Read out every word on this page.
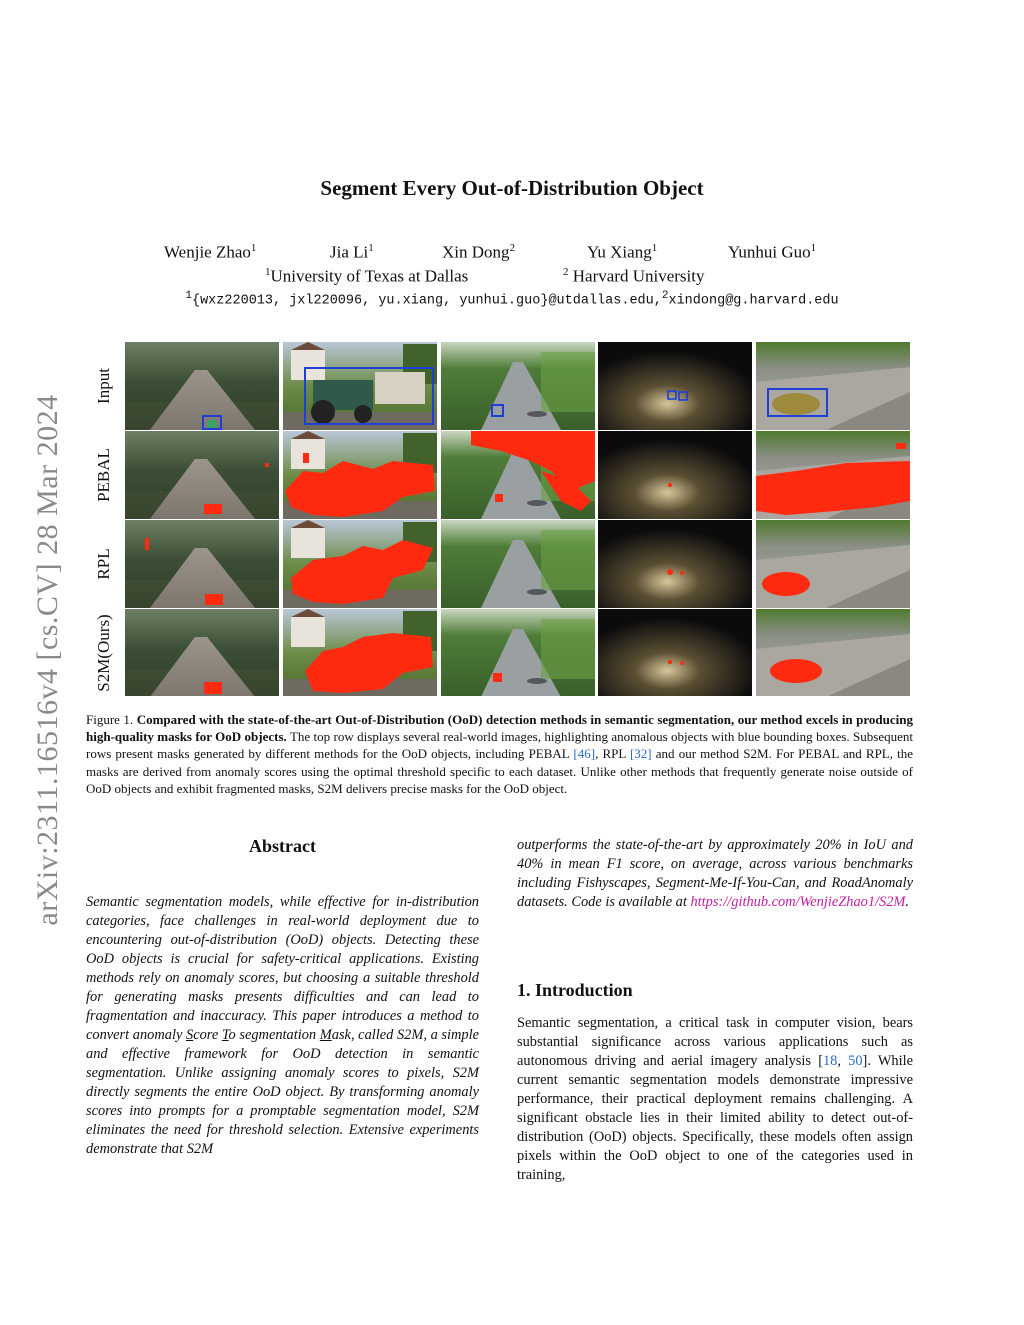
arXiv:2311.16516v4 [cs.CV] 28 Mar 2024
Segment Every Out-of-Distribution Object
Wenjie Zhao$^1$	Jia Li$^1$	Xin Dong$^2$	Yu Xiang$^1$	Yunhui Guo$^1$
$^1$University of Texas at Dallas	$^2$ Harvard University
$^1${wxz220013, jxl220096, yu.xiang, yunhui.guo}@utdallas.edu,$^2$xindong@g.harvard.edu
Input
PEBAL
RPL
S2M(Ours)
Figure 1. Compared with the state-of-the-art Out-of-Distribution (OoD) detection methods in semantic segmentation, our method excels in producing high-quality masks for OoD objects. The top row displays several real-world images, highlighting anomalous objects with blue bounding boxes. Subsequent rows present masks generated by different methods for the OoD objects, including PEBAL [46], RPL [32] and our method S2M. For PEBAL and RPL, the masks are derived from anomaly scores using the optimal threshold specific to each dataset. Unlike other methods that frequently generate noise outside of OoD objects and exhibit fragmented masks, S2M delivers precise masks for the OoD object.
Abstract
Semantic segmentation models, while effective for in-distribution categories, face challenges in real-world deployment due to encountering out-of-distribution (OoD) objects. Detecting these OoD objects is crucial for safety-critical applications. Existing methods rely on anomaly scores, but choosing a suitable threshold for generating masks presents difficulties and can lead to fragmentation and inaccuracy. This paper introduces a method to convert anomaly Score To segmentation Mask, called S2M, a simple and effective framework for OoD detection in semantic segmentation. Unlike assigning anomaly scores to pixels, S2M directly segments the entire OoD object. By transforming anomaly scores into prompts for a promptable segmentation model, S2M eliminates the need for threshold selection. Extensive experiments demonstrate that S2M
outperforms the state-of-the-art by approximately 20% in IoU and 40% in mean F1 score, on average, across various benchmarks including Fishyscapes, Segment-Me-If-You-Can, and RoadAnomaly datasets. Code is available at https://github.com/WenjieZhao1/S2M.
1. Introduction
Semantic segmentation, a critical task in computer vision, bears substantial significance across various applications such as autonomous driving and aerial imagery analysis [18, 50]. While current semantic segmentation models demonstrate impressive performance, their practical deployment remains challenging. A significant obstacle lies in their limited ability to detect out-of-distribution (OoD) objects. Specifically, these models often assign pixels within the OoD object to one of the categories used in training,
